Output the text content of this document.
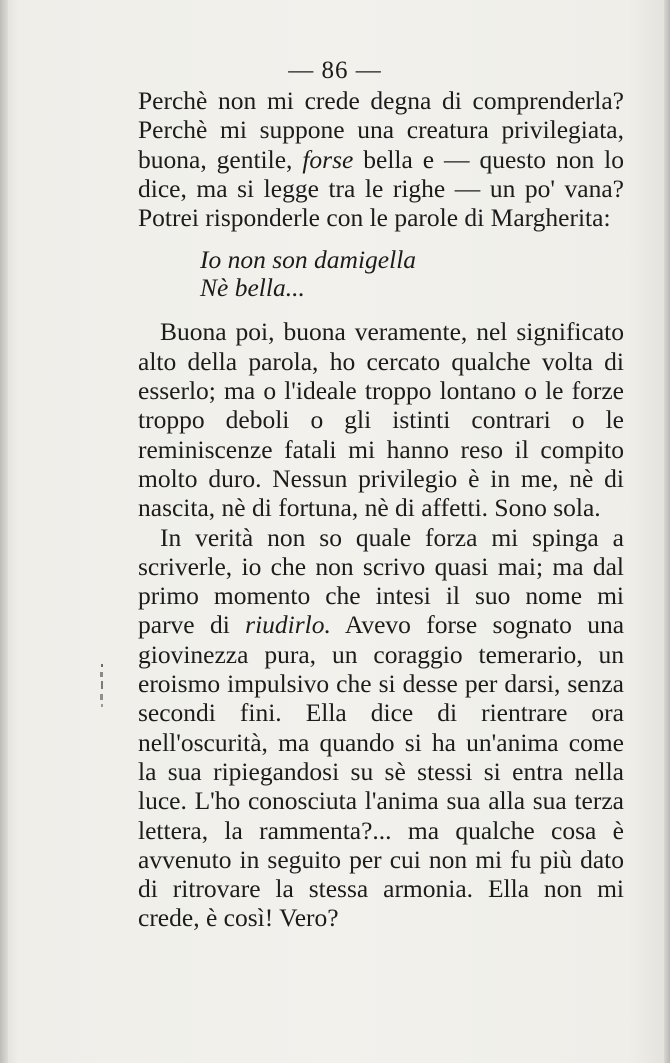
— 86 —

Perchè non mi crede degna di comprenderla? Perchè mi suppone una creatura privilegiata, buona, gentile, forse bella e — questo non lo dice, ma si legge tra le righe — un po' vana? Potrei risponderle con le parole di Margherita:

Io non son damigella
Nè bella...

Buona poi, buona veramente, nel significato alto della parola, ho cercato qualche volta di esserlo; ma o l'ideale troppo lontano o le forze troppo deboli o gli istinti contrari o le reminiscenze fatali mi hanno reso il compito molto duro. Nessun privilegio è in me, nè di nascita, nè di fortuna, nè di affetti. Sono sola.

In verità non so quale forza mi spinga a scriverle, io che non scrivo quasi mai; ma dal primo momento che intesi il suo nome mi parve di riudirlo. Avevo forse sognato una giovinezza pura, un coraggio temerario, un eroismo impulsivo che si desse per darsi, senza secondi fini. Ella dice di rientrare ora nell'oscurità, ma quando si ha un'anima come la sua ripiegandosi su sè stessi si entra nella luce. L'ho conosciuta l'anima sua alla sua terza lettera, la rammenta?... ma qualche cosa è avvenuto in seguito per cui non mi fu più dato di ritrovare la stessa armonia. Ella non mi crede, è così! Vero?
